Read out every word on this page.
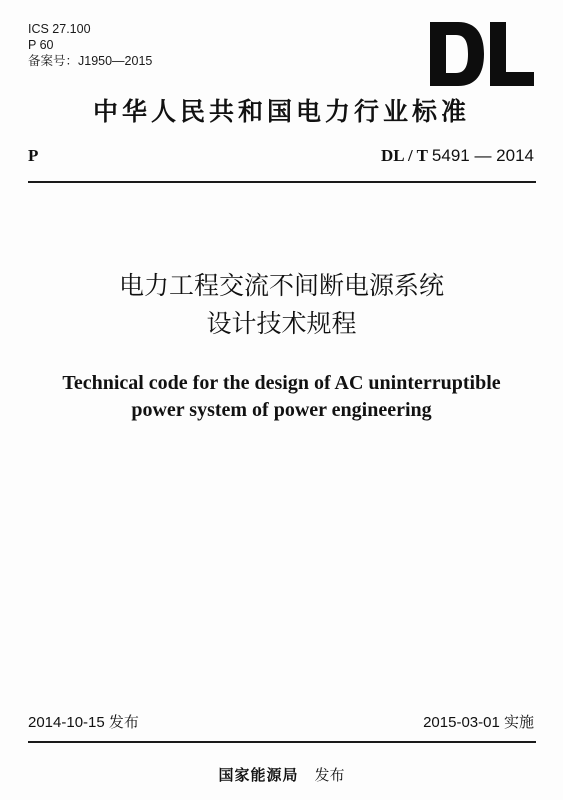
ICS 27.100
P 60
备案号：J1950—2015
中华人民共和国电力行业标准
P	DL / T 5491 — 2014
电力工程交流不间断电源系统
设计技术规程
Technical code for the design of AC uninterruptible
power system of power engineering
2014-10-15 发布	2015-03-01 实施
国家能源局 发布
